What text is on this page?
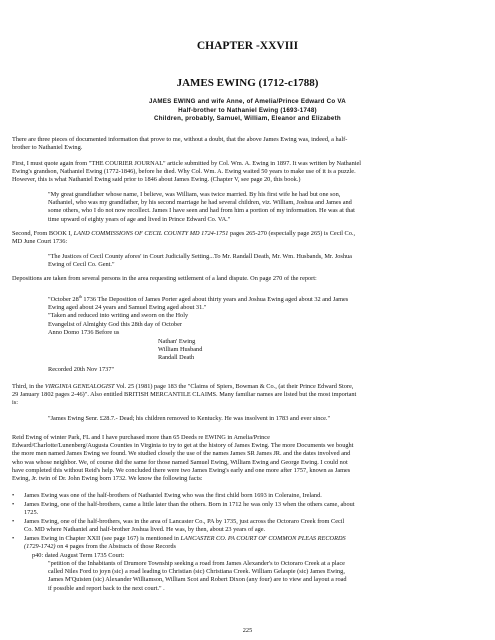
CHAPTER -XXVIII
JAMES EWING (1712-c1788)
JAMES EWING and wife Anne, of Amelia/Prince Edward Co VA
Half-brother to Nathaniel Ewing (1693-1748)
Children, probably, Samuel, William, Eleanor and Elizabeth
There are three pieces of documented information that prove to me, without a doubt, that the above James Ewing was, indeed, a half-
brother to Nathaniel Ewing.
First, I must quote again from "THE COURIER JOURNAL" article submitted by Col. Wm. A. Ewing in 1897. It was written by Nathaniel
Ewing's grandson, Nathaniel Ewing (1772-1846), before he died. Why Col. Wm. A. Ewing waited 50 years to make use of it is a puzzle.
However, this is what Nathaniel Ewing said prior to 1846 about James Ewing. (Chapter V, see page 20, this book.)
"My great grandfather whose name, I believe, was William, was twice married. By his first wife he had but one son,
Nathaniel, who was my grandfather, by his second marriage he had several children, viz. William, Joshua and James and
some others, who I do not now recollect. James I have seen and had from him a portion of my information. He was at that
time upward of eighty years of age and lived in Prince Edward Co. VA."
Second, From BOOK I, LAND COMMISSIONS OF CECIL COUNTY MD 1724-1751 pages 265-270 (especially page 265) is Cecil Co.,
MD June Court 1736:
"The Justices of Cecil County afores' in Court Judicially Setting...To Mr. Randall Death, Mr. Wm. Husbands, Mr. Joshua
Ewing of Cecil Co. Gent."
Depositions are taken from several persons in the area requesting settlement of a land dispute. On page 270 of the report:
"October 28th 1736 The Deposition of James Porter aged about thirty years and Joshua Ewing aged about 32 and James
Ewing aged about 24 years and Samuel Ewing aged about 31."
"Taken and reduced into writing and sworn on the Holy
Evangelist of Almighty God this 28th day of October
Anno Domo 1736 Before us
Nathan' Ewing
William Husband
Randall Death
Recorded 20th Nov 1737"
Third, in the VIRGINIA GENEALOGIST Vol. 25 (1981) page 183 the "Claims of Spiers, Bowman & Co., (at their Prince Edward Store,
29 January 1802 pages 2-46)". Also entitled BRITISH MERCANTILE CLAIMS. Many familiar names are listed but the most important
is:
"James Ewing Senr. £28.7.- Dead; his children removed to Kentucky. He was insolvent in 1783 and ever since."
Reid Ewing of winter Park, FL and I have purchased more than 65 Deeds re EWING in Amelia/Prince
Edward/Charlotte/Lunenberg/Augusta Counties in Virginia to try to get at the history of James Ewing. The more Documents we bought
the more men named James Ewing we found. We studied closely the use of the names James SR James JR. and the dates involved and
who was whose neighbor. We, of course did the same for those named Samuel Ewing, William Ewing and George Ewing. I could not
have completed this without Reid's help. We concluded there were two James Ewing's early and one more after 1757, known as James
Ewing, Jr. twin of Dr. John Ewing born 1732. We know the following facts:
• James Ewing was one of the half-brothers of Nathaniel Ewing who was the first child born 1693 in Coleraine, Ireland.
• James Ewing, one of the half-brothers, came a little later than the others. Born in 1712 he was only 13 when the others came, about
1725.
• James Ewing, one of the half-brothers, was in the area of Lancaster Co., PA by 1735, just across the Octoraro Creek from Cecil
Co. MD where Nathaniel and half-brother Joshua lived. He was, by then, about 23 years of age.
• James Ewing in Chapter XXII (see page 167) is mentioned in LANCASTER CO. PA COURT OF COMMON PLEAS RECORDS
(1729-1742) on 4 pages from the Abstracts of those Records
p40: dated August Term 1735 Court:
"petition of the Inhabitants of Drumore Township seeking a road from James Alexander's to Octoraro Creek at a place
called Niles Ford to joyn (sic) a road leading to Christian (sic) Christiana Creek. William Gelaspie (sic) James Ewing,
James M'Quisten (sic) Alexander Williamson, William Scot and Robert Dixon (any four) are to view and layout a road
if possible and report back to the next court." .
225
